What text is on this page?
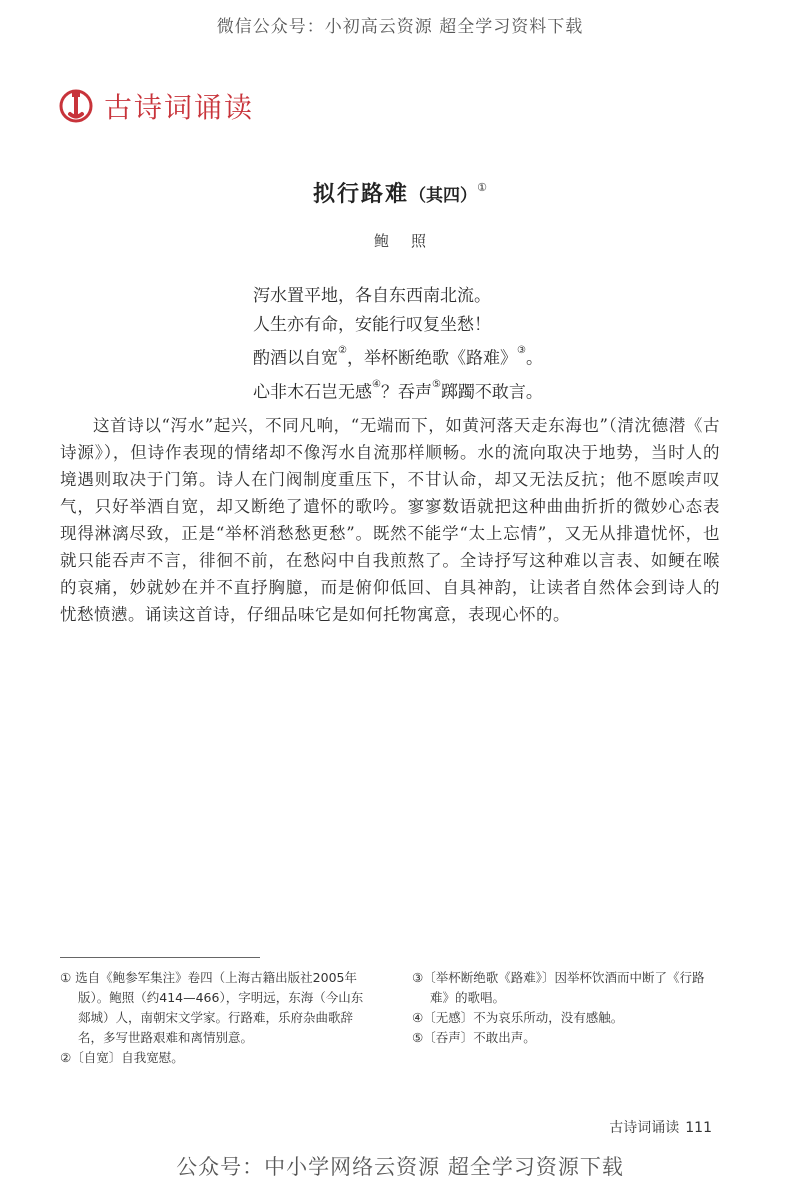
微信公众号：小初高云资源 超全学习资料下载
古诗词诵读
拟行路难（其四）①
鲍照
泻水置平地，各自东西南北流。
人生亦有命，安能行叹复坐愁！
酌酒以自宽②，举杯断绝歌《路难》③。
心非木石岂无感④？吞声⑤踯躅不敢言。
这首诗以“泻水”起兴，不同凡响，“无端而下，如黄河落天走东海也”（清沈德潜《古诗源》），但诗作表现的情绪却不像泻水自流那样顺畅。水的流向取决于地势，当时人的境遇则取决于门第。诗人在门阀制度重压下，不甘认命，却又无法反抗；他不愿唉声叹气，只好举酒自宽，却又断绝了遣怀的歌吟。寥寥数语就把这种曲曲折折的微妙心态表现得淋漓尽致，正是“举杯消愁愁更愁”。既然不能学“太上忘情”，又无从排遣忧怀，也就只能吞声不言，徘徊不前，在愁闷中自我煎熬了。全诗抒写这种难以言表、如鲠在喉的哀痛，妙就妙在并不直抒胸臆，而是俯仰低回、自具神韵，让读者自然体会到诗人的忧愁愤懑。诵读这首诗，仔细品味它是如何托物寓意，表现心怀的。
① 选自《鲍参军集注》卷四（上海古籍出版社2005年版）。鲍照（约414—466），字明远，东海（今山东郯城）人，南朝宋文学家。行路难，乐府杂曲歌辞名，多写世路艰难和离情别意。
②〔自宽〕自我宽慰。
③〔举杯断绝歌《路难》〕因举杯饮酒而中断了《行路难》的歌唱。
④〔无感〕不为哀乐所动，没有感触。
⑤〔吞声〕不敢出声。
古诗词诵读 111
公众号：中小学网络云资源 超全学习资源下载
